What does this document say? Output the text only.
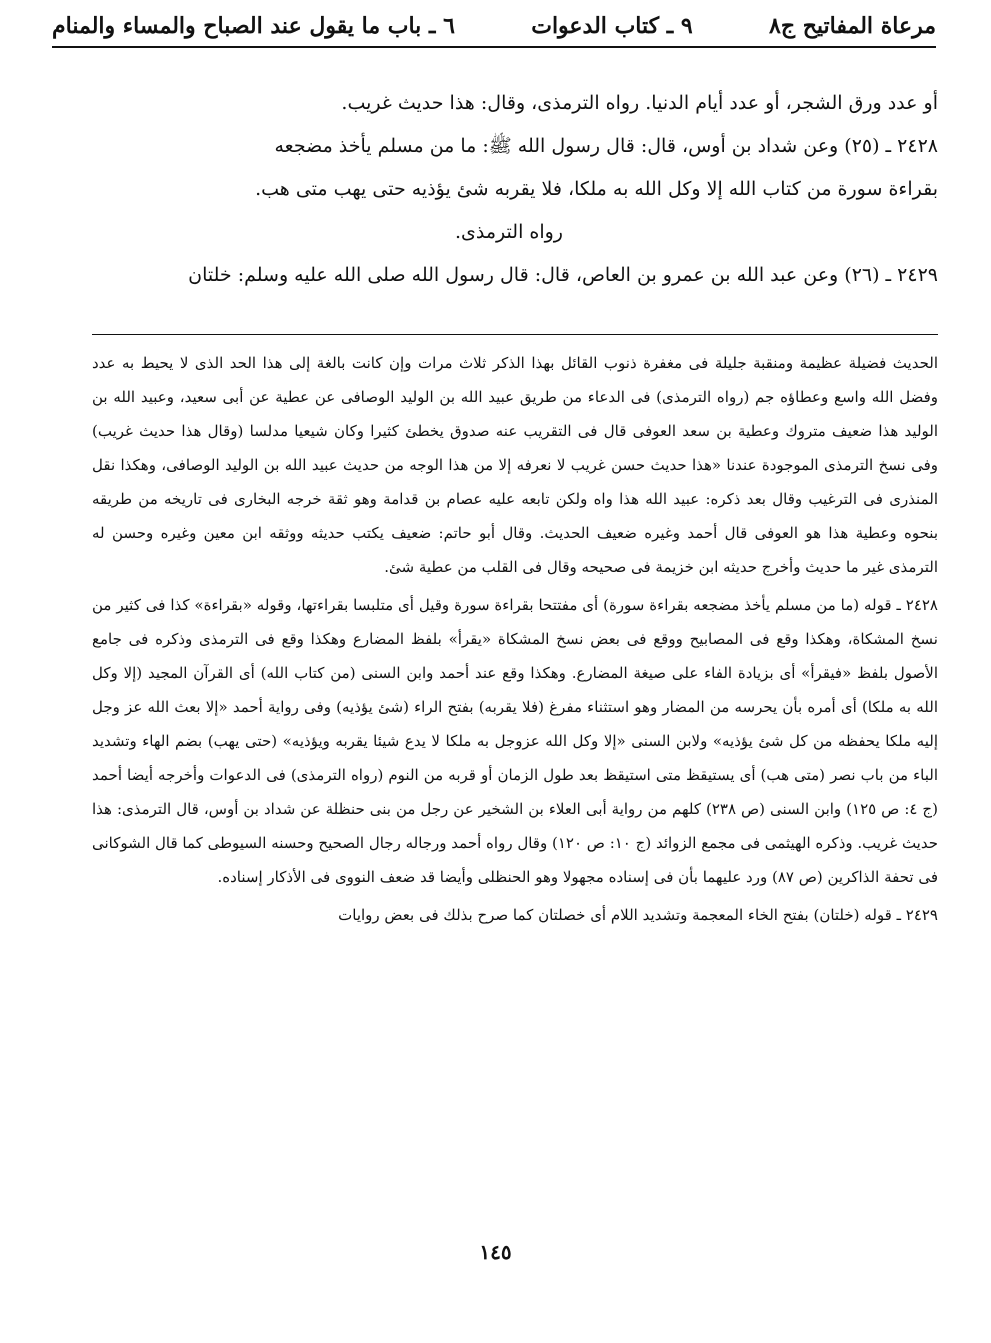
مرعاة المفاتيح ج٨
٩ ـ كتاب الدعوات
٦ ـ باب ما يقول عند الصباح والمساء والمنام

أو عدد ورق الشجر، أو عدد أيام الدنيا. رواه الترمذى، وقال: هذا حديث غريب.

٢٤٢٨ ـ (٢٥) وعن شداد بن أوس، قال: قال رسول الله ﷺ: ما من مسلم يأخذ مضجعه

بقراءة سورة من كتاب الله إلا وكل الله به ملكا، فلا يقربه شئ يؤذيه حتى يهب متى هب.

رواه الترمذى.

٢٤٢٩ ـ (٢٦) وعن عبد الله بن عمرو بن العاص، قال: قال رسول الله صلى الله عليه وسلم: خلتان

الحديث فضيلة عظيمة ومنقبة جليلة فى مغفرة ذنوب القائل بهذا الذكر ثلاث مرات وإن كانت بالغة إلى هذا الحد الذى لا يحيط به عدد وفضل الله واسع وعطاؤه جم (رواه الترمذى) فى الدعاء من طريق عبيد الله بن الوليد الوصافى عن عطية عن أبى سعيد، وعبيد الله بن الوليد هذا ضعيف متروك وعطية بن سعد العوفى قال فى التقريب عنه صدوق يخطئ كثيرا وكان شيعيا مدلسا (وقال هذا حديث غريب) وفى نسخ الترمذى الموجودة عندنا «هذا حديث حسن غريب لا نعرفه إلا من هذا الوجه من حديث عبيد الله بن الوليد الوصافى، وهكذا نقل المنذرى فى الترغيب وقال بعد ذكره: عبيد الله هذا واه ولكن تابعه عليه عصام بن قدامة وهو ثقة خرجه البخارى فى تاريخه من طريقه بنحوه وعطية هذا هو العوفى قال أحمد وغيره ضعيف الحديث. وقال أبو حاتم: ضعيف يكتب حديثه ووثقه ابن معين وغيره وحسن له الترمذى غير ما حديث وأخرج حديثه ابن خزيمة فى صحيحه وقال فى القلب من عطية شئ.

٢٤٢٨ ـ قوله (ما من مسلم يأخذ مضجعه بقراءة سورة) أى مفتتحا بقراءة سورة وقيل أى متلبسا بقراءتها، وقوله «بقراءة» كذا فى كثير من نسخ المشكاة، وهكذا وقع فى المصابيح ووقع فى بعض نسخ المشكاة «يقرأ» بلفظ المضارع وهكذا وقع فى الترمذى وذكره فى جامع الأصول بلفظ «فيقرأ» أى بزيادة الفاء على صيغة المضارع. وهكذا وقع عند أحمد وابن السنى (من كتاب الله) أى القرآن المجيد (إلا وكل الله به ملكا) أى أمره بأن يحرسه من المضار وهو استثناء مفرغ (فلا يقربه) بفتح الراء (شئ يؤذيه) وفى رواية أحمد «إلا بعث الله عز وجل إليه ملكا يحفظه من كل شئ يؤذيه» ولابن السنى «إلا وكل الله عزوجل به ملكا لا يدع شيئا يقربه ويؤذيه» (حتى يهب) بضم الهاء وتشديد الباء من باب نصر (متى هب) أى يستيقظ متى استيقظ بعد طول الزمان أو قربه من النوم (رواه الترمذى) فى الدعوات وأخرجه أيضا أحمد (ج ٤: ص ١٢٥) وابن السنى (ص ٢٣٨) كلهم من رواية أبى العلاء بن الشخير عن رجل من بنى حنظلة عن شداد بن أوس، قال الترمذى: هذا حديث غريب. وذكره الهيثمى فى مجمع الزوائد (ج ١٠: ص ١٢٠) وقال رواه أحمد ورجاله رجال الصحيح وحسنه السيوطى كما قال الشوكانى فى تحفة الذاكرين (ص ٨٧) ورد عليهما بأن فى إسناده مجهولا وهو الحنظلى وأيضا قد ضعف النووى فى الأذكار إسناده.

٢٤٢٩ ـ قوله (خلتان) بفتح الخاء المعجمة وتشديد اللام أى خصلتان كما صرح بذلك فى بعض روايات

١٤٥
